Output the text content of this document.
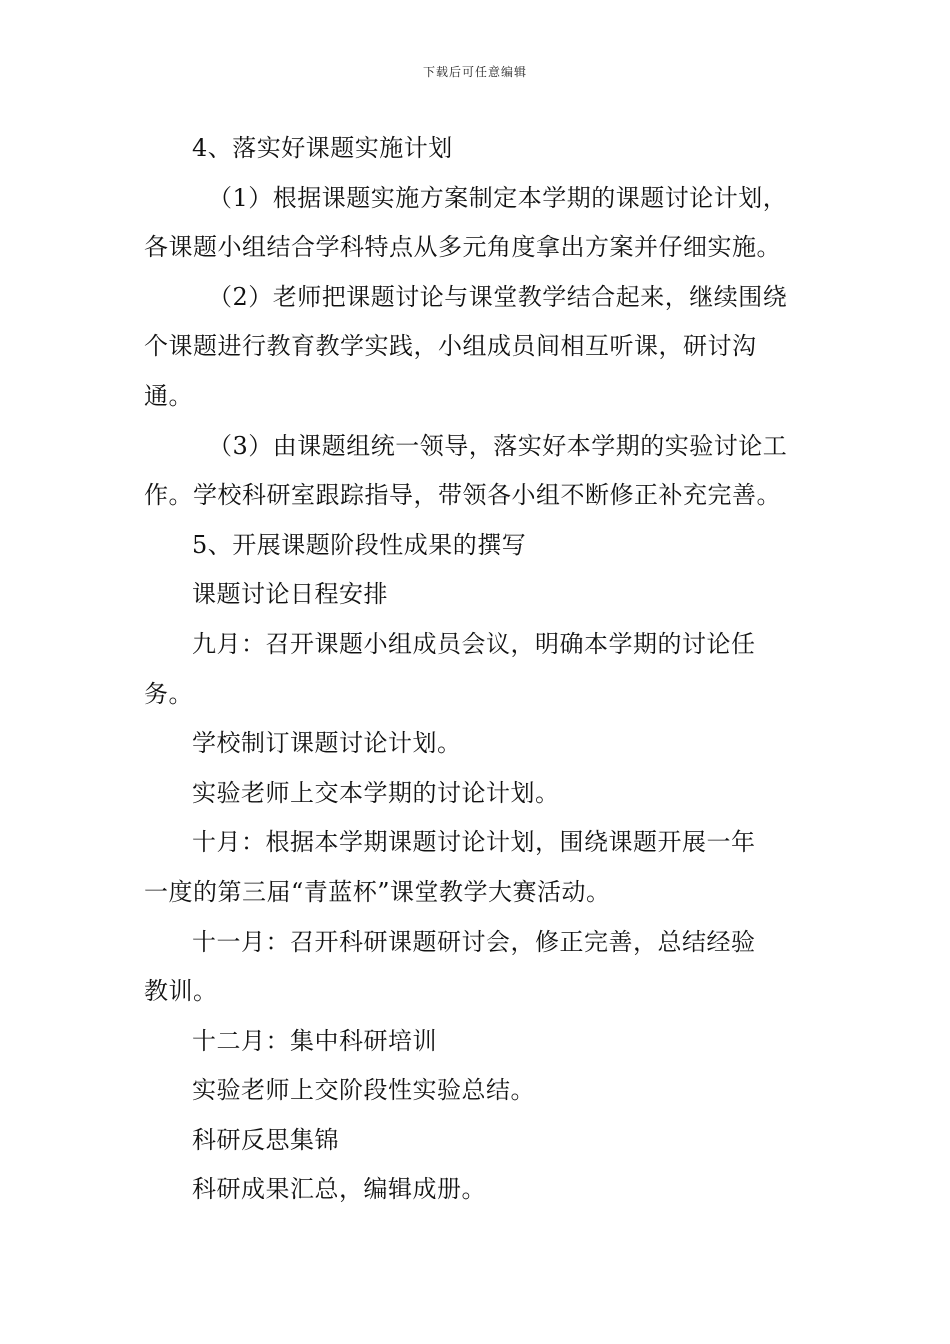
下载后可任意编辑

4、落实好课题实施计划

（1）根据课题实施方案制定本学期的课题讨论计划，
各课题小组结合学科特点从多元角度拿出方案并仔细实施。

（2）老师把课题讨论与课堂教学结合起来，继续围绕
个课题进行教育教学实践，小组成员间相互听课，研讨沟
通。

（3）由课题组统一领导，落实好本学期的实验讨论工
作。学校科研室跟踪指导，带领各小组不断修正补充完善。

5、开展课题阶段性成果的撰写

课题讨论日程安排

九月：召开课题小组成员会议，明确本学期的讨论任
务。

学校制订课题讨论计划。

实验老师上交本学期的讨论计划。

十月：根据本学期课题讨论计划，围绕课题开展一年
一度的第三届“青蓝杯”课堂教学大赛活动。

十一月：召开科研课题研讨会，修正完善，总结经验
教训。

十二月：集中科研培训

实验老师上交阶段性实验总结。

科研反思集锦

科研成果汇总，编辑成册。
